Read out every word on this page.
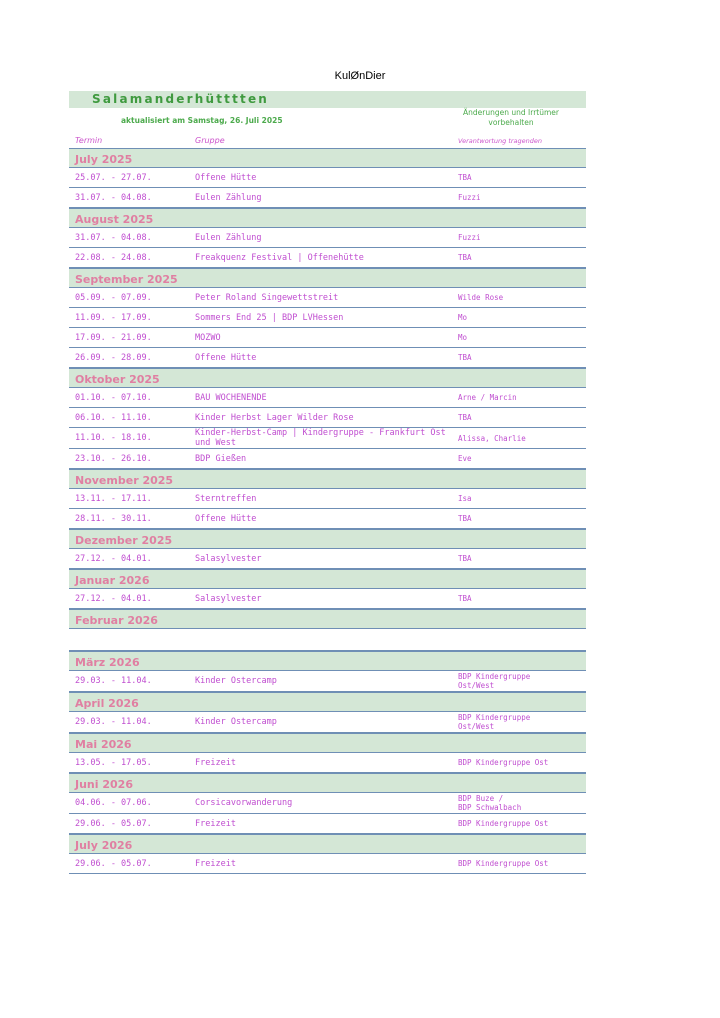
KulØnDier
Salamanderhütttten
aktualisiert am Samstag, 26. Juli 2025
Änderungen und Irrtümer vorbehalten
Termin	Gruppe	Verantwortung tragenden
July 2025
25.07. - 27.07.	Offene Hütte	TBA
31.07. - 04.08.	Eulen Zählung	Fuzzi
August 2025
31.07. - 04.08.	Eulen Zählung	Fuzzi
22.08. - 24.08.	Freakquenz Festival | Offenehütte	TBA
September 2025
05.09. - 07.09.	Peter Roland Singewettstreit	Wilde Rose
11.09. - 17.09.	Sommers End 25 | BDP LVHessen	Mo
17.09. - 21.09.	MOZWO	Mo
26.09. - 28.09.	Offene Hütte	TBA
Oktober 2025
01.10. - 07.10.	BAU WOCHENENDE	Arne / Marcin
06.10. - 11.10.	Kinder Herbst Lager Wilder Rose	TBA
11.10. - 18.10.	Kinder-Herbst-Camp | Kindergruppe - Frankfurt Ost und West	Alissa, Charlie
23.10. - 26.10.	BDP Gießen	Eve
November 2025
13.11. - 17.11.	Sterntreffen	Isa
28.11. - 30.11.	Offene Hütte	TBA
Dezember 2025
27.12. - 04.01.	Salasylvester	TBA
Januar 2026
27.12. - 04.01.	Salasylvester	TBA
Februar 2026
März 2026
29.03. - 11.04.	Kinder Ostercamp	BDP Kindergruppe
Ost/West
April 2026
29.03. - 11.04.	Kinder Ostercamp	BDP Kindergruppe
Ost/West
Mai 2026
13.05. - 17.05.	Freizeit	BDP Kindergruppe Ost
Juni 2026
04.06. - 07.06.	Corsicavorwanderung	BDP Buze /
BDP Schwalbach
29.06. - 05.07.	Freizeit	BDP Kindergruppe Ost
July 2026
29.06. - 05.07.	Freizeit	BDP Kindergruppe Ost
